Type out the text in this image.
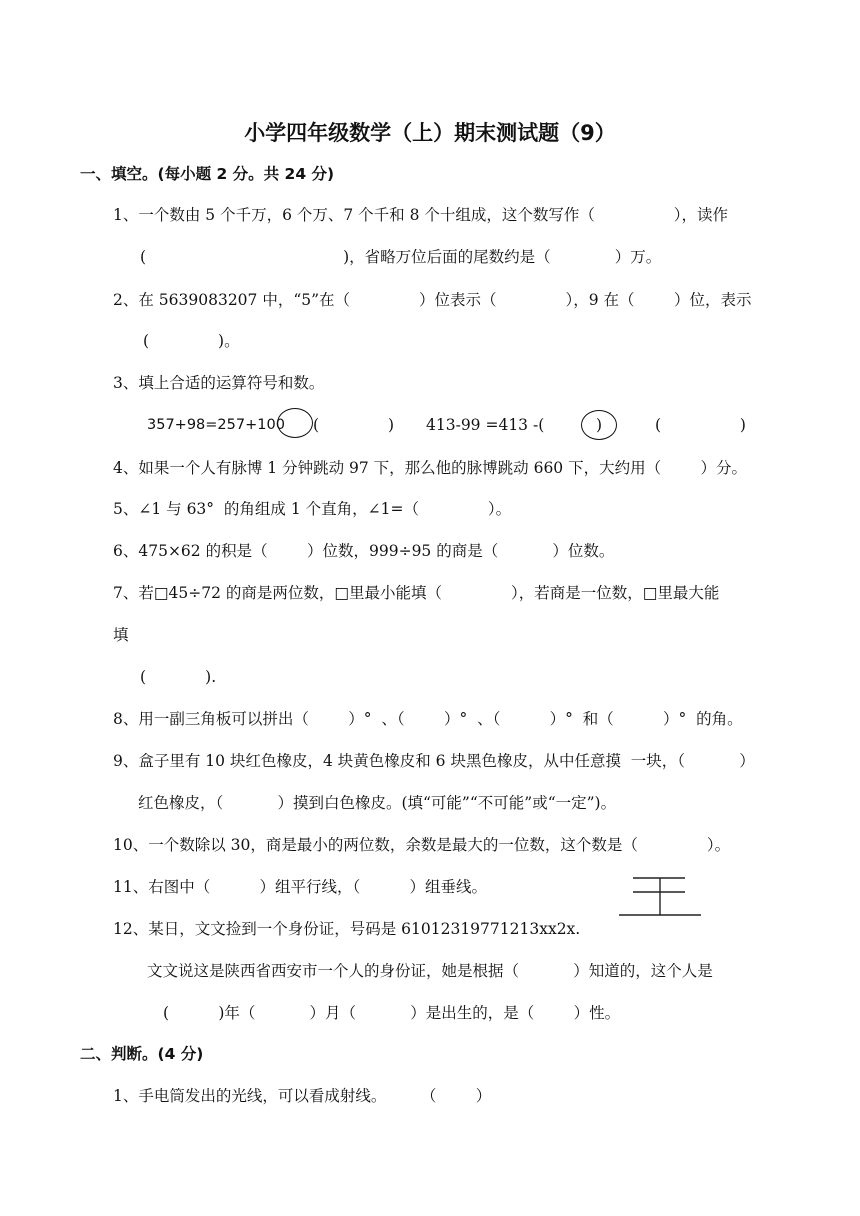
小学四年级数学（上）期末测试题（9）
一、填空。(每小题 2 分。共 24 分)
1、一个数由 5 个千万，6 个万、7 个千和 8 个十组成，这个数写作（                ），读作
(                                        )，省略万位后面的尾数约是（             ）万。
2、在 5639083207 中，“5”在（              ）位表示（              ），9 在（        ）位，表示
(              )。
3、填上合适的运算符号和数。
357+98=257+100 (              ) 413-99 =413 -(	)	(                )
4、如果一个人有脉博 1 分钟跳动 97 下，那么他的脉博跳动 660 下，大约用（        ）分。
5、∠1 与 63°  的角组成 1 个直角，∠1=（              ）。
6、475×62 的积是（        ）位数，999÷95 的商是（           ）位数。
7、若□45÷72 的商是两位数，□里最小能填（              ），若商是一位数，□里最大能
填
(            ).
8、用一副三角板可以拼出（        ）°  、（        ）°  、（          ）°  和（          ）°  的角。
9、盒子里有 10 块红色橡皮，4 块黄色橡皮和 6 块黑色橡皮，从中任意摸  一块，（           ）
红色橡皮，（           ）摸到白色橡皮。(填“可能”“不可能”或“一定”)。
10、一个数除以 30，商是最小的两位数，余数是最大的一位数，这个数是（              ）。
11、右图中（          ）组平行线，（          ）组垂线。
12、某日，文文捡到一个身份证，号码是 61012319771213xx2x.
文文说这是陕西省西安市一个人的身份证，她是根据（           ）知道的，这个人是
(          )年（           ）月（           ）是出生的，是（        ）性。
二、判断。(4 分)
1、手电筒发出的光线，可以看成射线。       （        ）
